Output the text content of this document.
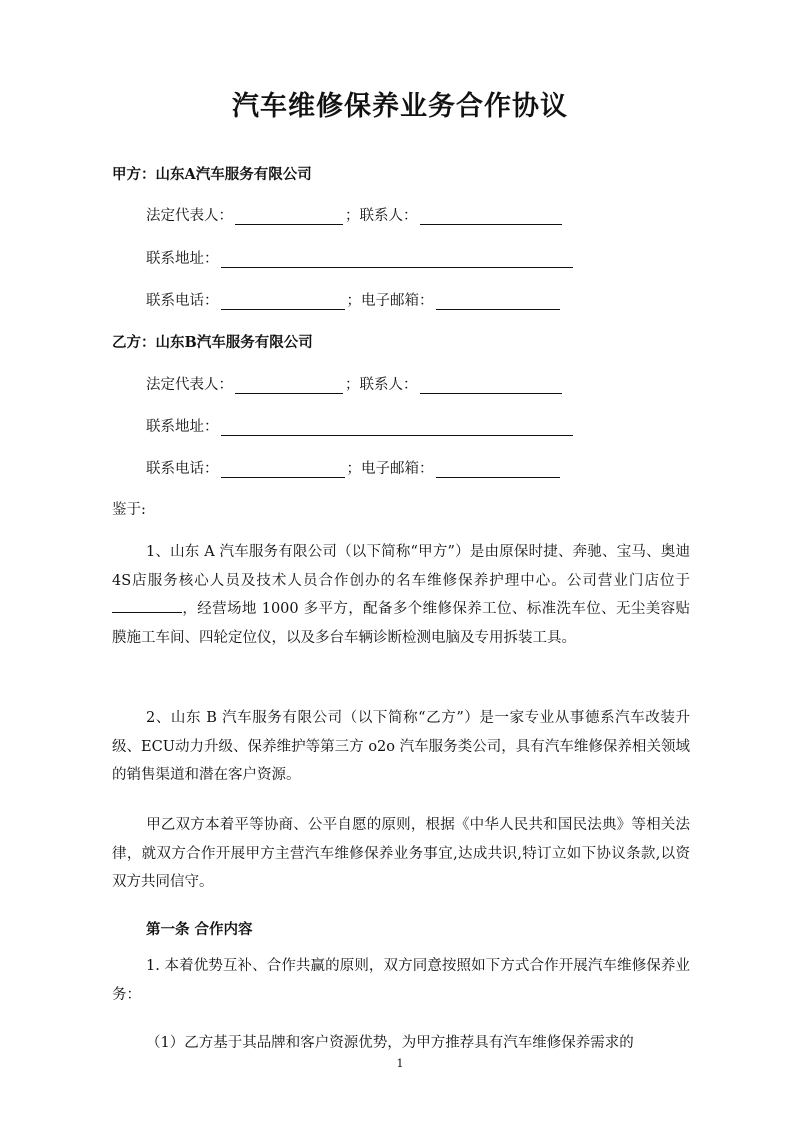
汽车维修保养业务合作协议
甲方：山东A汽车服务有限公司
法定代表人：	；联系人：
联系地址：
联系电话：	；电子邮箱：
乙方：山东B汽车服务有限公司
法定代表人：	；联系人：
联系地址：
联系电话：	；电子邮箱：
鉴于:
1、山东 A 汽车服务有限公司（以下简称“甲方”）是由原保时捷、奔驰、宝马、奥迪4S店服务核心人员及技术人员合作创办的名车维修保养护理中心。公司营业门店位于，经营场地 1000 多平方，配备多个维修保养工位、标准洗车位、无尘美容贴膜施工车间、四轮定位仪，以及多台车辆诊断检测电脑及专用拆装工具。
2、山东 B 汽车服务有限公司（以下简称“乙方”）是一家专业从事德系汽车改装升级、ECU动力升级、保养维护等第三方 o2o 汽车服务类公司，具有汽车维修保养相关领域的销售渠道和潜在客户资源。
甲乙双方本着平等协商、公平自愿的原则，根据《中华人民共和国民法典》等相关法律，就双方合作开展甲方主营汽车维修保养业务事宜,达成共识,特订立如下协议条款,以资双方共同信守。
第一条 合作内容
1. 本着优势互补、合作共赢的原则，双方同意按照如下方式合作开展汽车维修保养业务：
（1）乙方基于其品牌和客户资源优势，为甲方推荐具有汽车维修保养需求的
1
